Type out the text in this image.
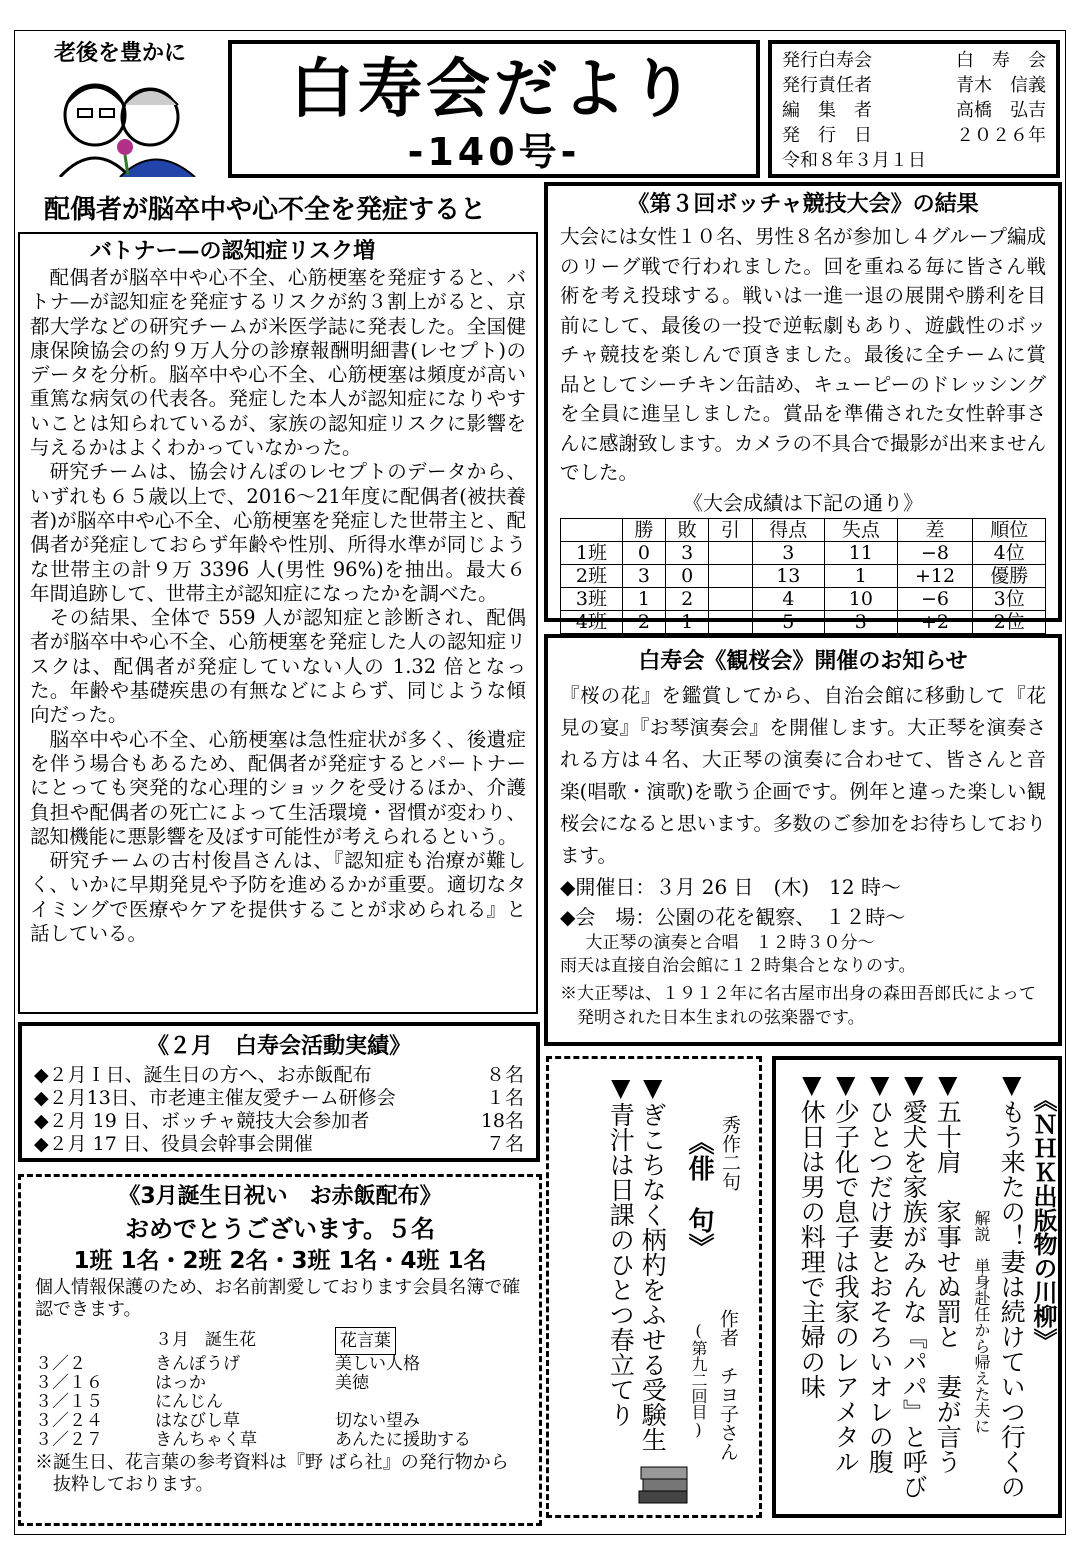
老後を豊かに	白寿会だより
-140号-
発行白寿会	白　寿　会
発行責任者	青木　信義
編　集　者	高橋　弘吉
発　行　日	２０２６年
令和８年３月１日
配偶者が脳卒中や心不全を発症すると
バトナー—の認知症リスク増

配偶者が脳卒中や心不全、心筋梗塞を発症すると、バトナ—が認知症を発症するリスクが約３割上がると、京都大学などの研究チームが米医学誌に発表した。全国健康保険協会の約９万人分の診療報酬明細書(レセプト)のデータを分析。脳卒中や心不全、心筋梗塞は頻度が高い重篤な病気の代表各。発症した本人が認知症になりやすいことは知られているが、家族の認知症リスクに影響を与えるかはよくわかっていなかった。

研究チームは、協会けんぽのレセプトのデータから、いずれも６５歳以上で、2016〜21年度に配偶者(被扶養者)が脳卒中や心不全、心筋梗塞を発症した世帯主と、配偶者が発症しておらず年齢や性別、所得水準が同じような世帯主の計９万 3396 人(男性 96%)を抽出。最大６年間追跡して、世帯主が認知症になったかを調べた。

その結果、全体で 559 人が認知症と診断され、配偶者が脳卒中や心不全、心筋梗塞を発症した人の認知症リスクは、配偶者が発症していない人の 1.32 倍となった。年齢や基礎疾患の有無などによらず、同じような傾向だった。

脳卒中や心不全、心筋梗塞は急性症状が多く、後遺症を伴う場合もあるため、配偶者が発症するとパートナーにとっても突発的な心理的ショックを受けるほか、介護負担や配偶者の死亡によって生活環境・習慣が変わり、認知機能に悪影響を及ぼす可能性が考えられるという。

研究チームの古村俊昌さんは、『認知症も治療が難しく、いかに早期発見や予防を進めるかが重要。適切なタイミングで医療やケアを提供することが求められる』と話している。

《第３回ボッチャ競技大会》の結果

大会には女性１０名、男性８名が参加し４グループ編成のリーグ戦で行われました。回を重ねる毎に皆さん戦術を考え投球する。戦いは一進一退の展開や勝利を目前にして、最後の一投で逆転劇もあり、遊戯性のボッチャ競技を楽しんで頂きました。最後に全チームに賞品としてシーチキン缶詰め、キューピーのドレッシングを全員に進呈しました。賞品を準備された女性幹事さんに感謝致します。カメラの不具合で撮影が出来ませんでした。

《大会成績は下記の通り》
	勝	敗	引	得点	失点	差	順位
1班	0	3		3	11	−8	4位
2班	3	0		13	1	+12	優勝
3班	1	2		4	10	−6	3位
4班	2	1		5	3	+2	2位
白寿会《観桜会》開催のお知らせ

『桜の花』を鑑賞してから、自治会館に移動して『花見の宴』『お琴演奏会』を開催します。大正琴を演奏される方は４名、大正琴の演奏に合わせて、皆さんと音楽(唱歌・演歌)を歌う企画です。例年と違った楽しい観桜会になると思います。多数のご参加をお待ちしております。

◆開催日：３月 26 日　(木)　12 時〜
◆会　場：公園の花を観察、　１２時〜
大正琴の演奏と合唱　１２時３０分〜
雨天は直接自治会館に１２時集合となりのす。

※大正琴は、１９１２年に名古屋市出身の森田吾郎氏によって発明された日本生まれの弦楽器です。

《２月　白寿会活動実績》

◆２月Ｉ日、誕生日の方へ、お赤飯配布	８名

◆２月13日、市老連主催友愛チーム研修会	１名

◆２月 19 日、ボッチャ競技大会参加者	18名

◆２月 17 日、役員会幹事会開催	７名

《3月誕生日祝い　お赤飯配布》
おめでとうございます。５名
1班 1名・2班 2名・3班 1名・4班 1名

個人情報保護のため、お名前割愛しております会員名簿で確認できます。

３月 誕生花	花言葉
３／２	きんぽうげ	美しい人格
３／１６	はっか	美徳
３／１５	にんじん
３／２４	はなびし草	切ない望み
３／２７	きんちゃく草	あんたに援助する

※誕生日、花言葉の参考資料は『野 ばら社』の発行物から抜粋しております。

秀作二句
作者　チヨ子さん
《俳　句》
(第九二回目)
▼ぎこちなく柄杓をふせる受験生
▼青汁は日課のひとつ春立てり	《ＮＨＫ出版物の川柳》
▼もう来たの！妻は続けていつ行くの
解説　単身赴任から帰えた夫に
▼五十肩　家事せぬ罰と　妻が言う
▼愛犬を家族がみんな『パパ』と呼び
▼ひとつだけ妻とおそろいオレの腹
▼少子化で息子は我家のレアメタル
▼休日は男の料理で主婦の味
